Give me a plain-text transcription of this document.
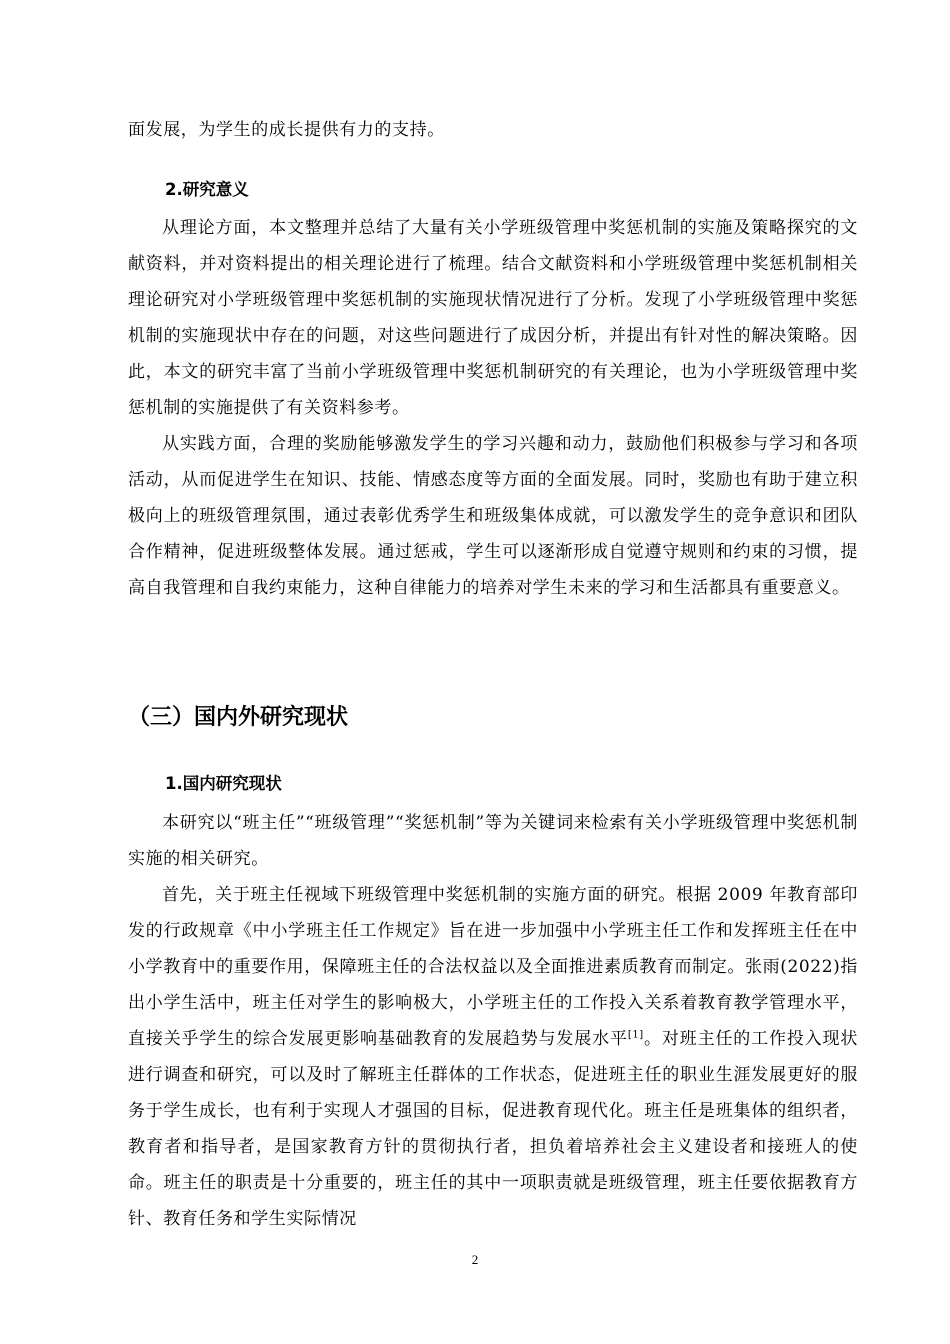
面发展，为学生的成长提供有力的支持。

2.研究意义

从理论方面，本文整理并总结了大量有关小学班级管理中奖惩机制的实施及策略探究的文献资料，并对资料提出的相关理论进行了梳理。结合文献资料和小学班级管理中奖惩机制相关理论研究对小学班级管理中奖惩机制的实施现状情况进行了分析。发现了小学班级管理中奖惩机制的实施现状中存在的问题，对这些问题进行了成因分析，并提出有针对性的解决策略。因此，本文的研究丰富了当前小学班级管理中奖惩机制研究的有关理论，也为小学班级管理中奖惩机制的实施提供了有关资料参考。

从实践方面，合理的奖励能够激发学生的学习兴趣和动力，鼓励他们积极参与学习和各项活动，从而促进学生在知识、技能、情感态度等方面的全面发展。同时，奖励也有助于建立积极向上的班级管理氛围，通过表彰优秀学生和班级集体成就，可以激发学生的竞争意识和团队合作精神，促进班级整体发展。通过惩戒，学生可以逐渐形成自觉遵守规则和约束的习惯，提高自我管理和自我约束能力，这种自律能力的培养对学生未来的学习和生活都具有重要意义。

（三）国内外研究现状
1.国内研究现状

本研究以“班主任”“班级管理”“奖惩机制”等为关键词来检索有关小学班级管理中奖惩机制实施的相关研究。

首先，关于班主任视域下班级管理中奖惩机制的实施方面的研究。根据 2009 年教育部印发的行政规章《中小学班主任工作规定》旨在进一步加强中小学班主任工作和发挥班主任在中小学教育中的重要作用，保障班主任的合法权益以及全面推进素质教育而制定。张雨(2022)指出小学生活中，班主任对学生的影响极大，小学班主任的工作投入关系着教育教学管理水平，直接关乎学生的综合发展更影响基础教育的发展趋势与发展水平[1]。对班主任的工作投入现状进行调查和研究，可以及时了解班主任群体的工作状态，促进班主任的职业生涯发展更好的服务于学生成长，也有利于实现人才强国的目标，促进教育现代化。班主任是班集体的组织者，教育者和指导者，是国家教育方针的贯彻执行者，担负着培养社会主义建设者和接班人的使命。班主任的职责是十分重要的，班主任的其中一项职责就是班级管理，班主任要依据教育方针、教育任务和学生实际情况

2
